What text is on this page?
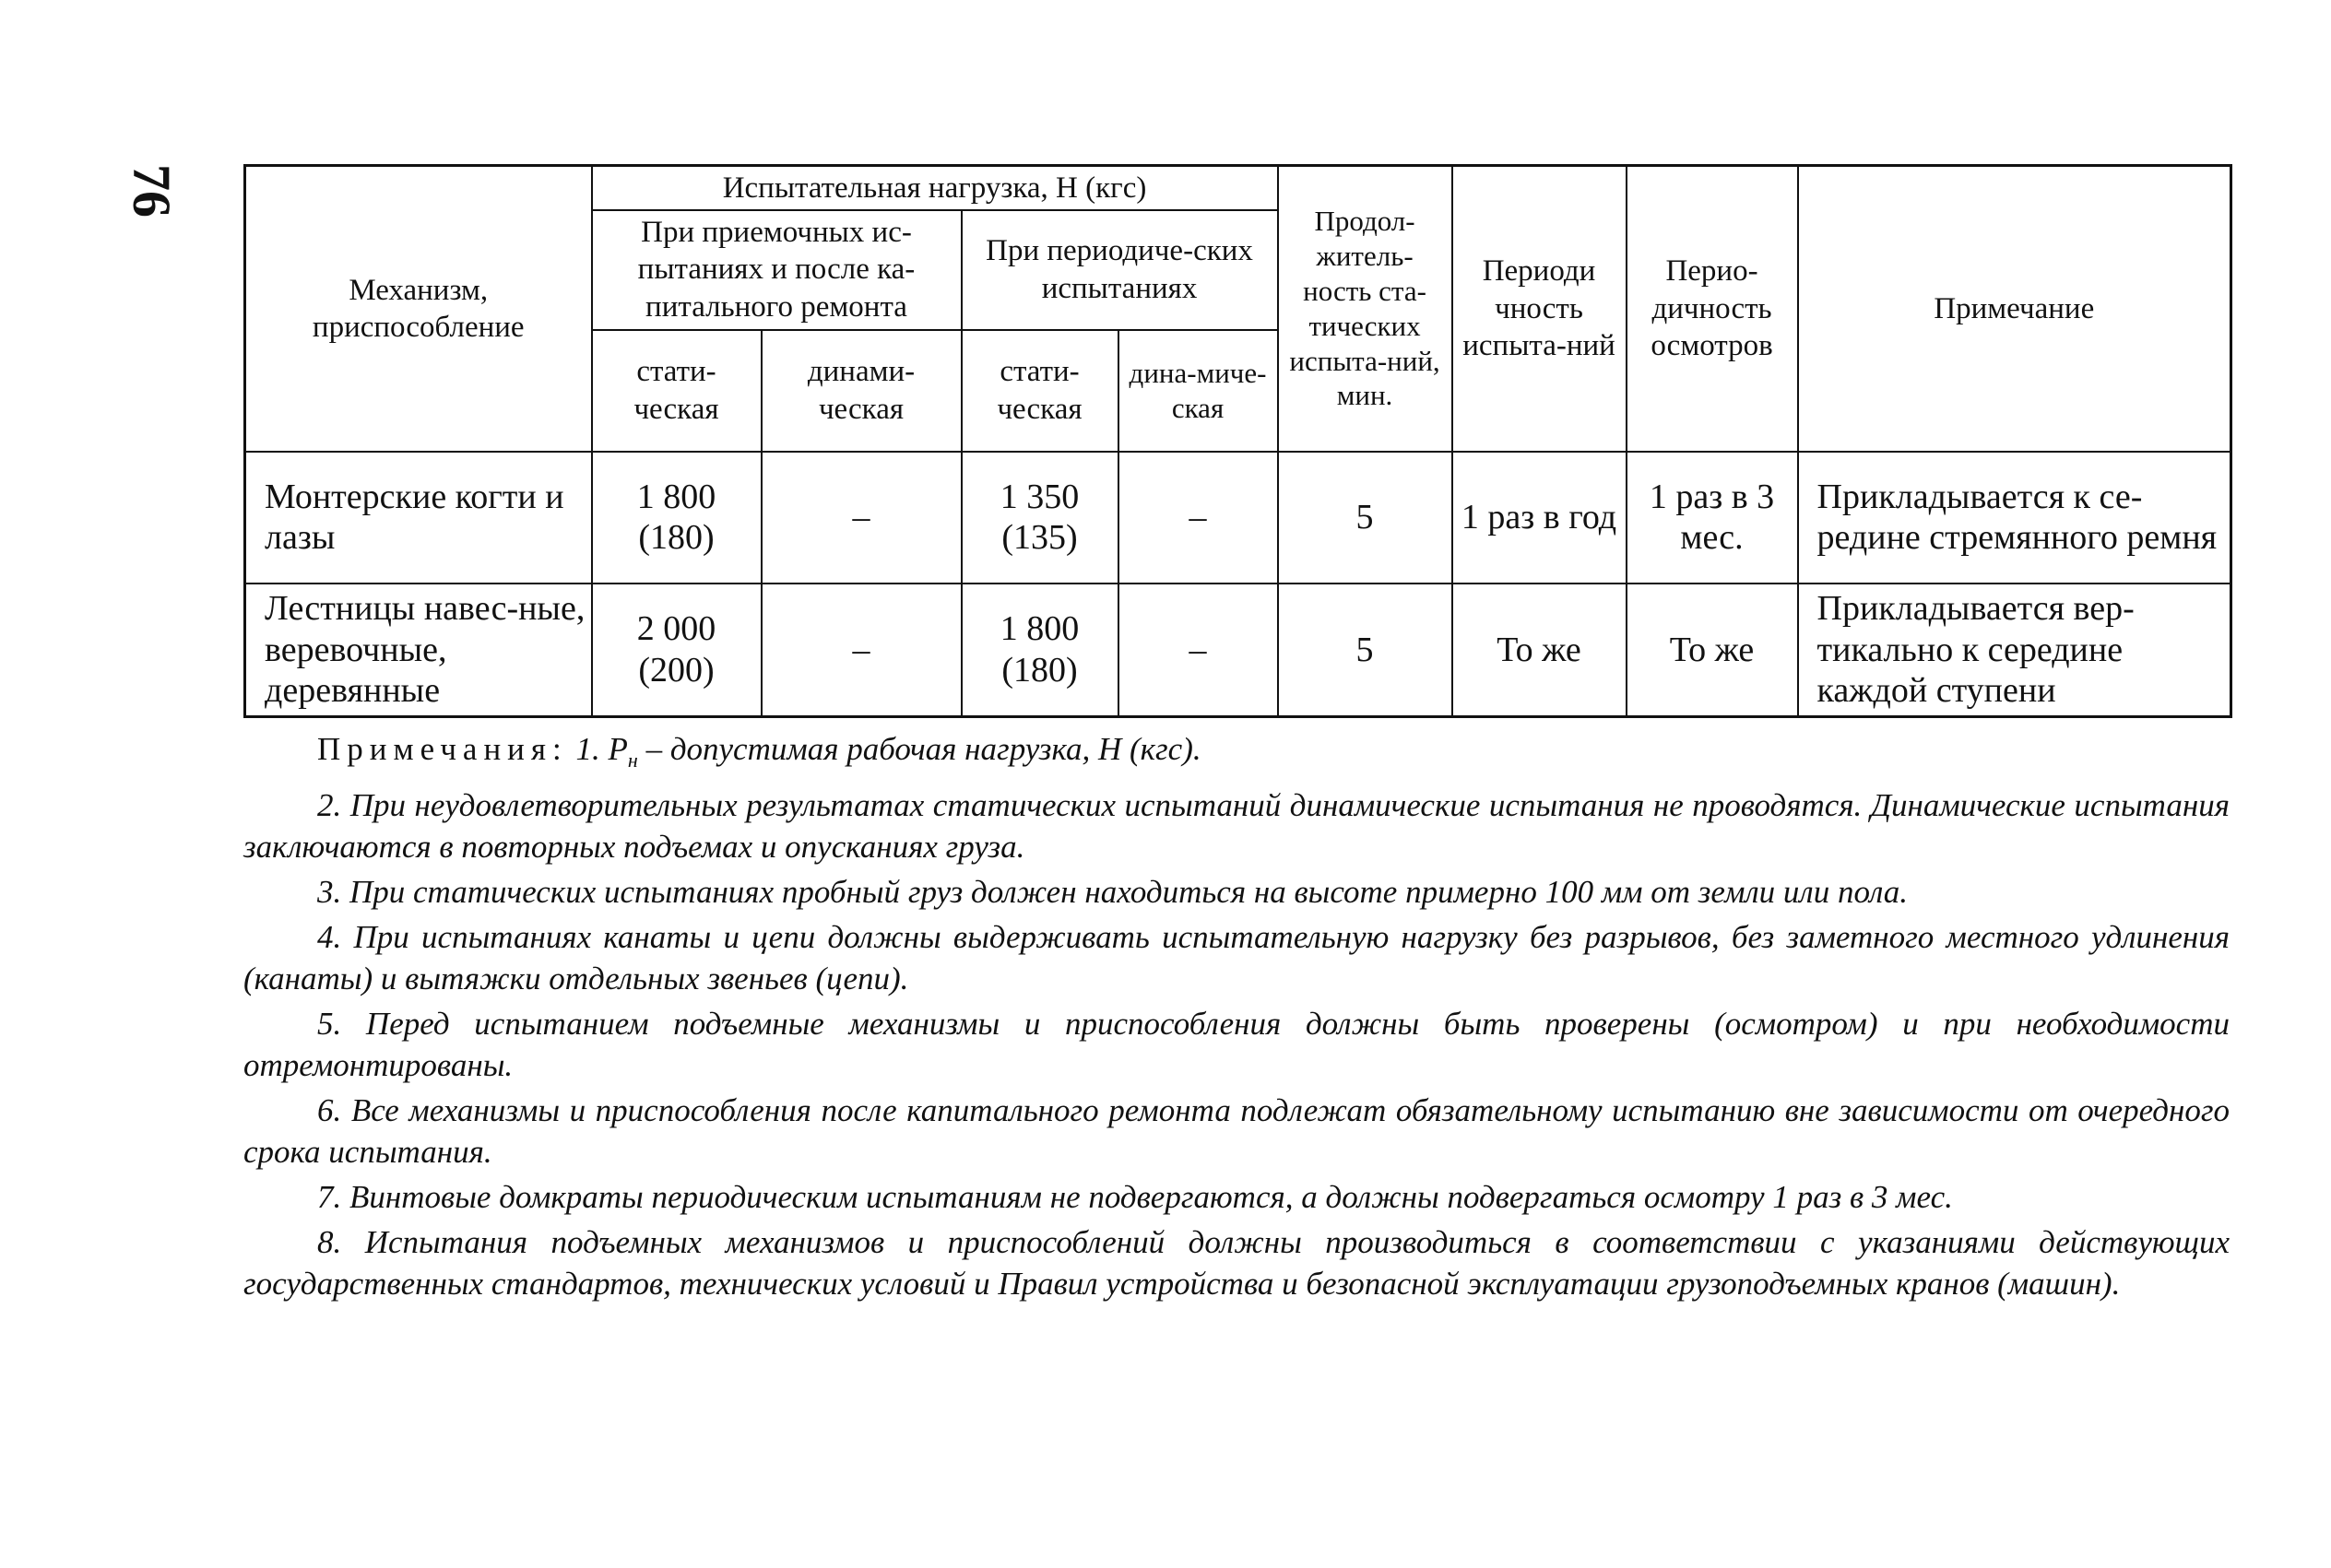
76
Механизм, приспособление	Испытательная нагрузка, Н (кгс)				Продол-житель-ность ста-тических испыта-ний, мин.	Периоди чность испыта-ний	Перио-дичность осмотров	Примечание
	При приемочных ис-пытаниях и после ка-питального ремонта		При периодиче-ских испытаниях					
	стати-ческая	динами-ческая	стати-ческая	дина-миче-ская				
Монтерские когти и лазы	1 800 (180)	–	1 350 (135)	–	5	1 раз в год	1 раз в 3 мес.	Прикладывается к се-редине стремянного ремня
Лестницы навес-ные, веревочные, деревянные	2 000 (200)	–	1 800 (180)	–	5	То же	То же	Прикладывается вер-тикально к середине каждой ступени

Примечания: 1. $Р_н$ – допустимая рабочая нагрузка, Н (кгс).

2. При неудовлетворительных результатах статических испытаний динамические испытания не проводятся. Динамические испытания заключаются в повторных подъемах и опусканиях груза.

3. При статических испытаниях пробный груз должен находиться на высоте примерно 100 мм от земли или пола.

4. При испытаниях канаты и цепи должны выдерживать испытательную нагрузку без разрывов, без заметного местного удлинения (канаты) и вытяжки отдельных звеньев (цепи).

5. Перед испытанием подъемные механизмы и приспособления должны быть проверены (осмотром) и при необходимости отремонтированы.

6. Все механизмы и приспособления после капитального ремонта подлежат обязательному испытанию вне зависимости от очередного срока испытания.

7. Винтовые домкраты периодическим испытаниям не подвергаются, а должны подвергаться осмотру 1 раз в 3 мес.

8. Испытания подъемных механизмов и приспособлений должны производиться в соответствии с указаниями действующих государственных стандартов, технических условий и Правил устройства и безопасной эксплуатации грузоподъемных кранов (машин).
